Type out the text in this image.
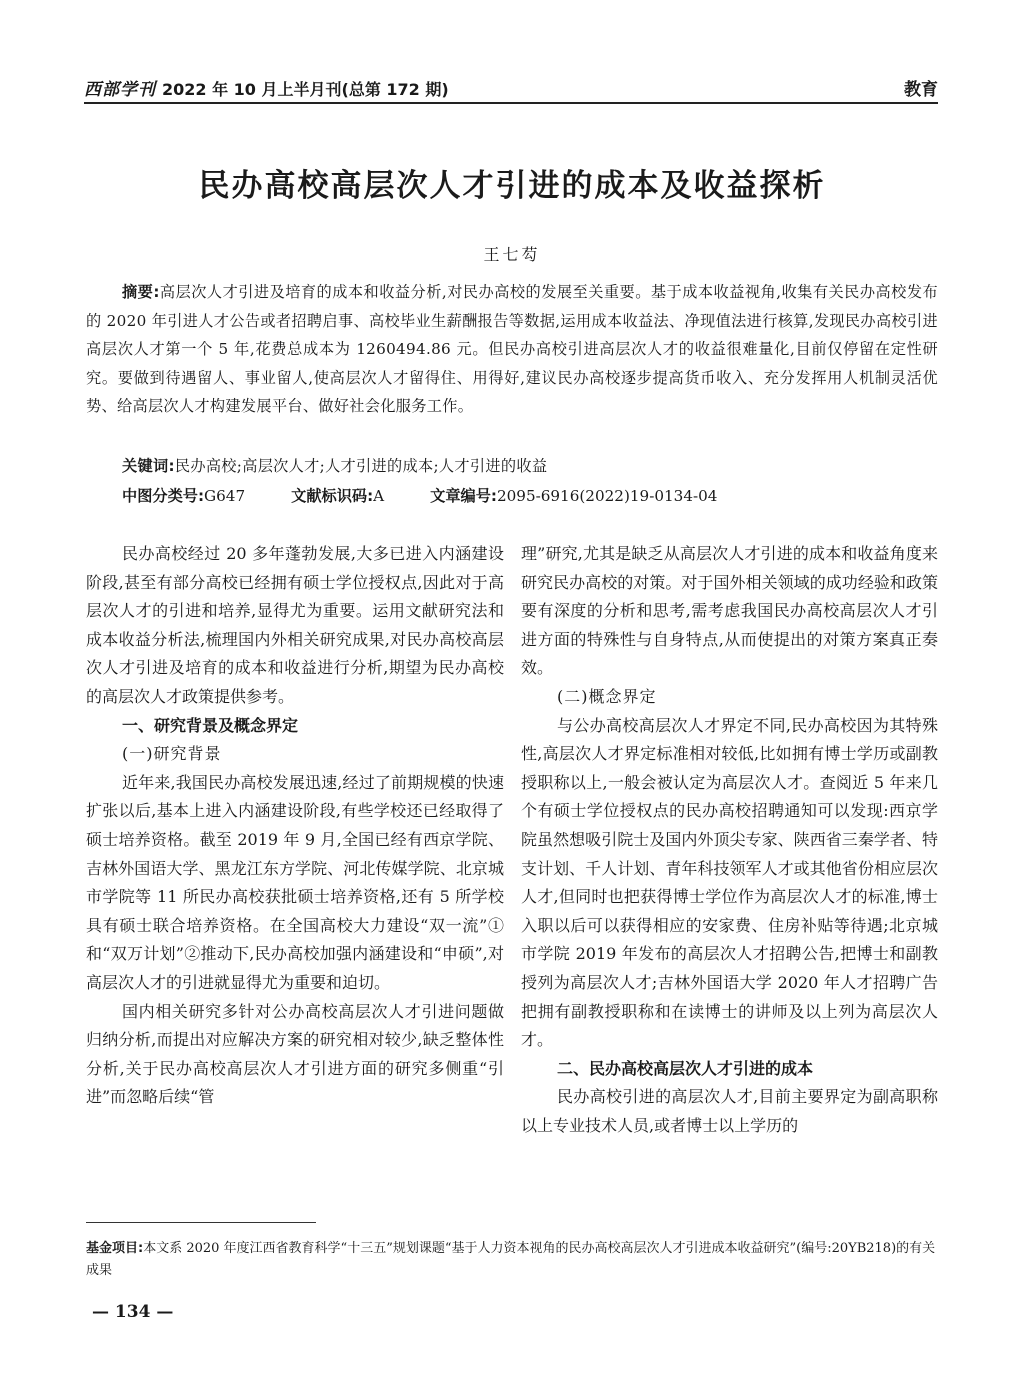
西部学刊 2022 年 10 月上半月刊(总第 172 期)	教育
民办高校高层次人才引进的成本及收益探析
王七芶
摘要:高层次人才引进及培育的成本和收益分析,对民办高校的发展至关重要。基于成本收益视角,收集有关民办高校发布的 2020 年引进人才公告或者招聘启事、高校毕业生薪酬报告等数据,运用成本收益法、净现值法进行核算,发现民办高校引进高层次人才第一个 5 年,花费总成本为 1260494.86 元。但民办高校引进高层次人才的收益很难量化,目前仅停留在定性研究。要做到待遇留人、事业留人,使高层次人才留得住、用得好,建议民办高校逐步提高货币收入、充分发挥用人机制灵活优势、给高层次人才构建发展平台、做好社会化服务工作。
关键词:民办高校;高层次人才;人才引进的成本;人才引进的收益
中图分类号:G647	文献标识码:A	文章编号:2095-6916(2022)19-0134-04

民办高校经过 20 多年蓬勃发展,大多已进入内涵建设阶段,甚至有部分高校已经拥有硕士学位授权点,因此对于高层次人才的引进和培养,显得尤为重要。运用文献研究法和成本收益分析法,梳理国内外相关研究成果,对民办高校高层次人才引进及培育的成本和收益进行分析,期望为民办高校的高层次人才政策提供参考。

一、研究背景及概念界定

(一)研究背景

近年来,我国民办高校发展迅速,经过了前期规模的快速扩张以后,基本上进入内涵建设阶段,有些学校还已经取得了硕士培养资格。截至 2019 年 9 月,全国已经有西京学院、吉林外国语大学、黑龙江东方学院、河北传媒学院、北京城市学院等 11 所民办高校获批硕士培养资格,还有 5 所学校具有硕士联合培养资格。在全国高校大力建设“双一流”①和“双万计划”②推动下,民办高校加强内涵建设和“申硕”,对高层次人才的引进就显得尤为重要和迫切。

国内相关研究多针对公办高校高层次人才引进问题做归纳分析,而提出对应解决方案的研究相对较少,缺乏整体性分析,关于民办高校高层次人才引进方面的研究多侧重“引进”而忽略后续“管

理”研究,尤其是缺乏从高层次人才引进的成本和收益角度来研究民办高校的对策。对于国外相关领域的成功经验和政策要有深度的分析和思考,需考虑我国民办高校高层次人才引进方面的特殊性与自身特点,从而使提出的对策方案真正奏效。

(二)概念界定

与公办高校高层次人才界定不同,民办高校因为其特殊性,高层次人才界定标准相对较低,比如拥有博士学历或副教授职称以上,一般会被认定为高层次人才。查阅近 5 年来几个有硕士学位授权点的民办高校招聘通知可以发现:西京学院虽然想吸引院士及国内外顶尖专家、陕西省三秦学者、特支计划、千人计划、青年科技领军人才或其他省份相应层次人才,但同时也把获得博士学位作为高层次人才的标准,博士入职以后可以获得相应的安家费、住房补贴等待遇;北京城市学院 2019 年发布的高层次人才招聘公告,把博士和副教授列为高层次人才;吉林外国语大学 2020 年人才招聘广告把拥有副教授职称和在读博士的讲师及以上列为高层次人才。

二、民办高校高层次人才引进的成本

民办高校引进的高层次人才,目前主要界定为副高职称以上专业技术人员,或者博士以上学历的

基金项目:本文系 2020 年度江西省教育科学“十三五”规划课题“基于人力资本视角的民办高校高层次人才引进成本收益研究”(编号:20YB218)的有关成果
— 134 —
